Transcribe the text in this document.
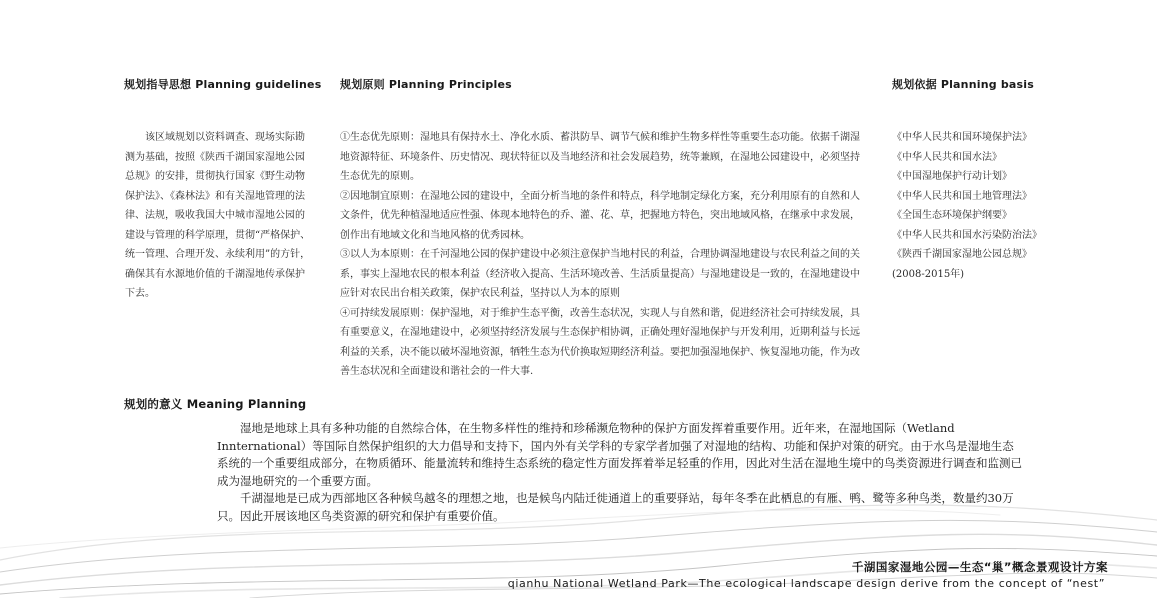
规划指导思想 Planning guidelines 规划原则 Planning Principles	规划依据 Planning basis

该区域规划以资料调查、现场实际勘测为基础，按照《陕西千湖国家湿地公园总规》的安排，贯彻执行国家《野生动物保护法》、《森林法》和有关湿地管理的法律、法规，吸收我国大中城市湿地公园的建设与管理的科学原理，贯彻“严格保护、统一管理、合理开发、永续利用”的方针，确保其有水源地价值的千湖湿地传承保护下去。

①生态优先原则：湿地具有保持水土、净化水质、蓄洪防旱、调节气候和维护生物多样性等重要生态功能。依据千湖湿地资源特征、环境条件、历史情况、现状特征以及当地经济和社会发展趋势，统等兼顾，在湿地公园建设中，必须坚持生态优先的原则。

②因地制宜原则：在湿地公园的建设中，全面分析当地的条件和特点，科学地制定绿化方案，充分利用原有的自然和人文条件，优先种植湿地适应性强、体现本地特色的乔、灌、花、草，把握地方特色，突出地域风格，在继承中求发展，创作出有地域文化和当地风格的优秀园林。

③以人为本原则：在千河湿地公园的保护建设中必须注意保护当地村民的利益，合理协调湿地建设与农民利益之间的关系，事实上湿地农民的根本利益（经济收入提高、生活环境改善、生活质量提高）与湿地建设是一致的，在湿地建设中应针对农民出台相关政策，保护农民利益，坚持以人为本的原则

④可持续发展原则：保护湿地，对于维护生态平衡，改善生态状况，实现人与自然和谐，促进经济社会可持续发展，具有重要意义，在湿地建设中，必须坚持经济发展与生态保护相协调，正确处理好湿地保护与开发利用，近期利益与长远利益的关系，决不能以破坏湿地资源，牺牲生态为代价换取短期经济利益。要把加强湿地保护、恢复湿地功能，作为改善生态状况和全面建设和谐社会的一件大事.

《中华人民共和国环境保护法》
《中华人民共和国水法》
《中国湿地保护行动计划》
《中华人民共和国土地管理法》
《全国生态环境保护纲要》
《中华人民共和国水污染防治法》
《陕西千湖国家湿地公园总规》
(2008-2015年)
规划的意义 Meaning Planning

湿地是地球上具有多种功能的自然综合体，在生物多样性的维持和珍稀濒危物种的保护方面发挥着重要作用。近年来，在湿地国际（Wetland Innternational）等国际自然保护组织的大力倡导和支持下，国内外有关学科的专家学者加强了对湿地的结构、功能和保护对策的研究。由于水鸟是湿地生态系统的一个重要组成部分，在物质循环、能量流转和维持生态系统的稳定性方面发挥着举足轻重的作用，因此对生活在湿地生境中的鸟类资源进行调查和监测已成为湿地研究的一个重要方面。

千湖湿地是已成为西部地区各种候鸟越冬的理想之地，也是候鸟内陆迁徙通道上的重要驿站，每年冬季在此栖息的有雁、鸭、鹭等多种鸟类，数量约30万只。因此开展该地区鸟类资源的研究和保护有重要价值。

千湖国家湿地公园—生态“巢”概念景观设计方案
qianhu National Wetland Park—The ecological landscape design derive from the concept of “nest”
